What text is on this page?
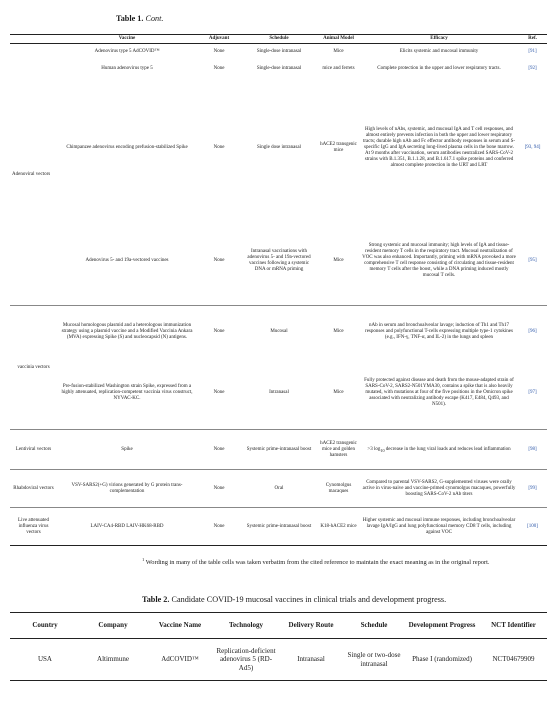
Table 1. Cont.
	Vaccine	Adjuvant	Schedule	Animal Model	Efficacy	Ref.
Adenoviral vectors	Adenovirus type 5 AdCOVID™	None	Single-dose intranasal	Mice	Elicits systemic and mucosal immunity	[91]
	Human adenovirus type 5	None	Single-dose intranasal	mice and ferrets	Complete protection in the upper and lower respiratory tracts.	[92]
	Chimpanzee adenovirus encoding prefusion-stabilized Spike	None	Single dose intranasal	hACE2 transgenic mice	High levels of nAbs, systemic, and mucosal IgA and T cell responses, and almost entirely prevents infection in both the upper and lower respiratory tracts; durable high nAb and Fc effector antibody responses in serum and S-specific IgG and IgA secreting long-lived plasma cells in the bone marrow. At 9 months after vaccination, serum antibodies neutralized SARS-CoV-2 strains with B.1.351, B.1.1.28, and B.1.617.1 spike proteins and conferred almost complete protection in the URT and LRT	[93, 94]
	Adenovirus 5- and 19a-vectored vaccines	None	Intranasal vaccinations with adenovirus 5- and 19a-vectored vaccines following a systemic DNA or mRNA priming	Mice	Strong systemic and mucosal immunity; high levels of IgA and tissue-resident memory T cells in the respiratory tract. Mucosal neutralization of VOC was also enhanced. Importantly, priming with mRNA provoked a more comprehensive T cell response consisting of circulating and tissue-resident memory T cells after the boost, while a DNA priming induced mostly mucosal T cells.	[95]
vaccinia vectors	Mucosal homologous plasmid and a heterologous immunization strategy using a plasmid vaccine and a Modified Vaccinia Ankara (MVA) expressing Spike (S) and nucleocapsid (N) antigens.	None	Mucosal	Mice	nAb in serum and bronchoalveolar lavage; induction of Th1 and Th17 responses and polyfunctional T-cells expressing multiple type-1 cytokines (e.g., IFN-γ, TNF-α, and IL-2) in the lungs and spleen	[96]
	Pre-fusion-stabilized Washington strain Spike, expressed from a highly attenuated, replication-competent vaccinia virus construct, NYVAC-KC.	None	Intranasal	Mice	Fully protected against disease and death from the mouse-adapted strain of SARS-CoV-2, SARS2-N501YMA30, contains a spike that is also heavily mutated, with mutations at four of the five positions in the Omicron spike associated with neutralizing antibody escape (K417, E484, Q493, and N501).	[97]
Lentiviral vectors	Spike	None	Systemic prime-intranasal boost	hACE2 transgenic mice and golden hamsters	>3 $\log_{10}$ decrease in the lung viral loads and reduces lead inflammation	[98]
Rhabdoviral vectors	VSV-SARS2(+G) virions generated by G protein trans-complementation	None	Oral	Cynomolgus macaques	Compared to parental VSV-SARS2, G-supplemented viruses were orally active in virus-naive and vaccine-primed cynomolgus macaques, powerfully boosting SARS-CoV-2 nAb titers	[99]
Live attenuated influenza virus vectors	LAIV-CA4-RBD LAIV-HK68-RBD	None	Systemic prime-intranasal boost	K18-hACE2 mice	Higher systemic and mucosal immune responses, including bronchoalveolar lavage IgA/IgG and lung polyfunctional memory CD8 T cells, including against VOC	[100]
$^1$ Wording in many of the table cells was taken verbatim from the cited reference to maintain the exact meaning as in the original report.
Table 2. Candidate COVID-19 mucosal vaccines in clinical trials and development progress.
Country	Company	Vaccine Name	Technology	Delivery Route	Schedule	Development Progress	NCT Identifier
USA	Altimmune	AdCOVID™	Replication-deficient adenovirus 5 (RD-Ad5)	Intranasal	Single or two-dose intranasal	Phase I (randomized)	NCT04679909
